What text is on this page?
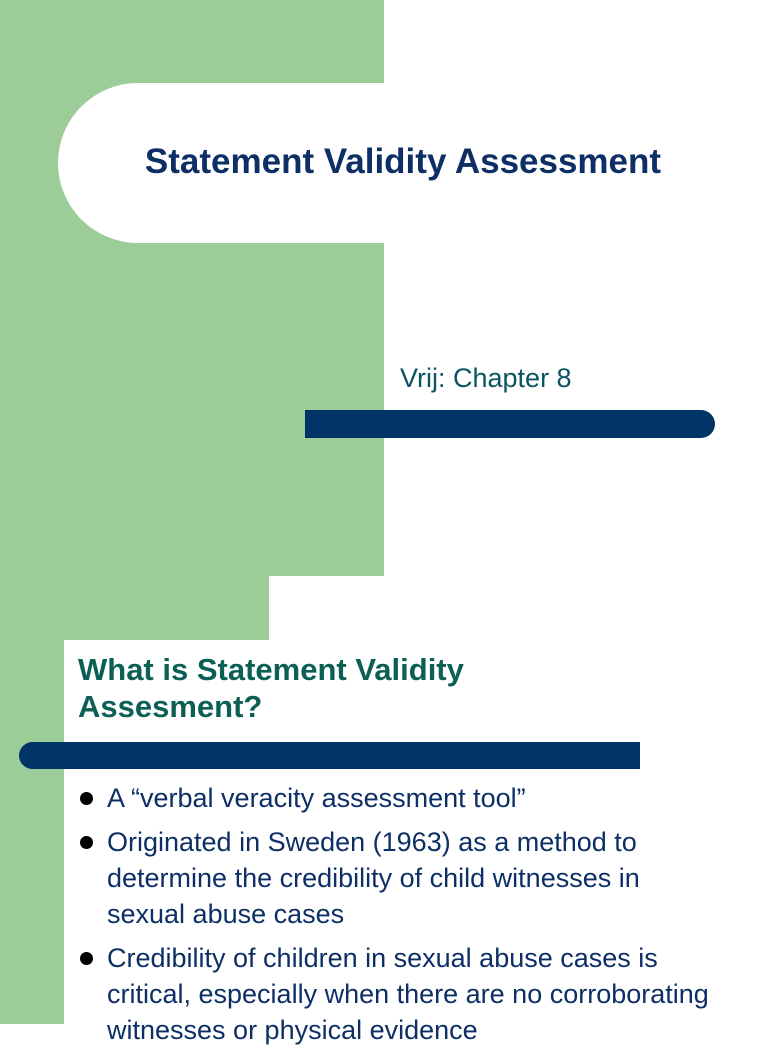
Statement Validity Assessment

Vrij: Chapter 8

What is Statement Validity Assesment?
A “verbal veracity assessment tool”
Originated in Sweden (1963) as a method to determine the credibility of child witnesses in sexual abuse cases
Credibility of children in sexual abuse cases is critical, especially when there are no corroborating witnesses or physical evidence
